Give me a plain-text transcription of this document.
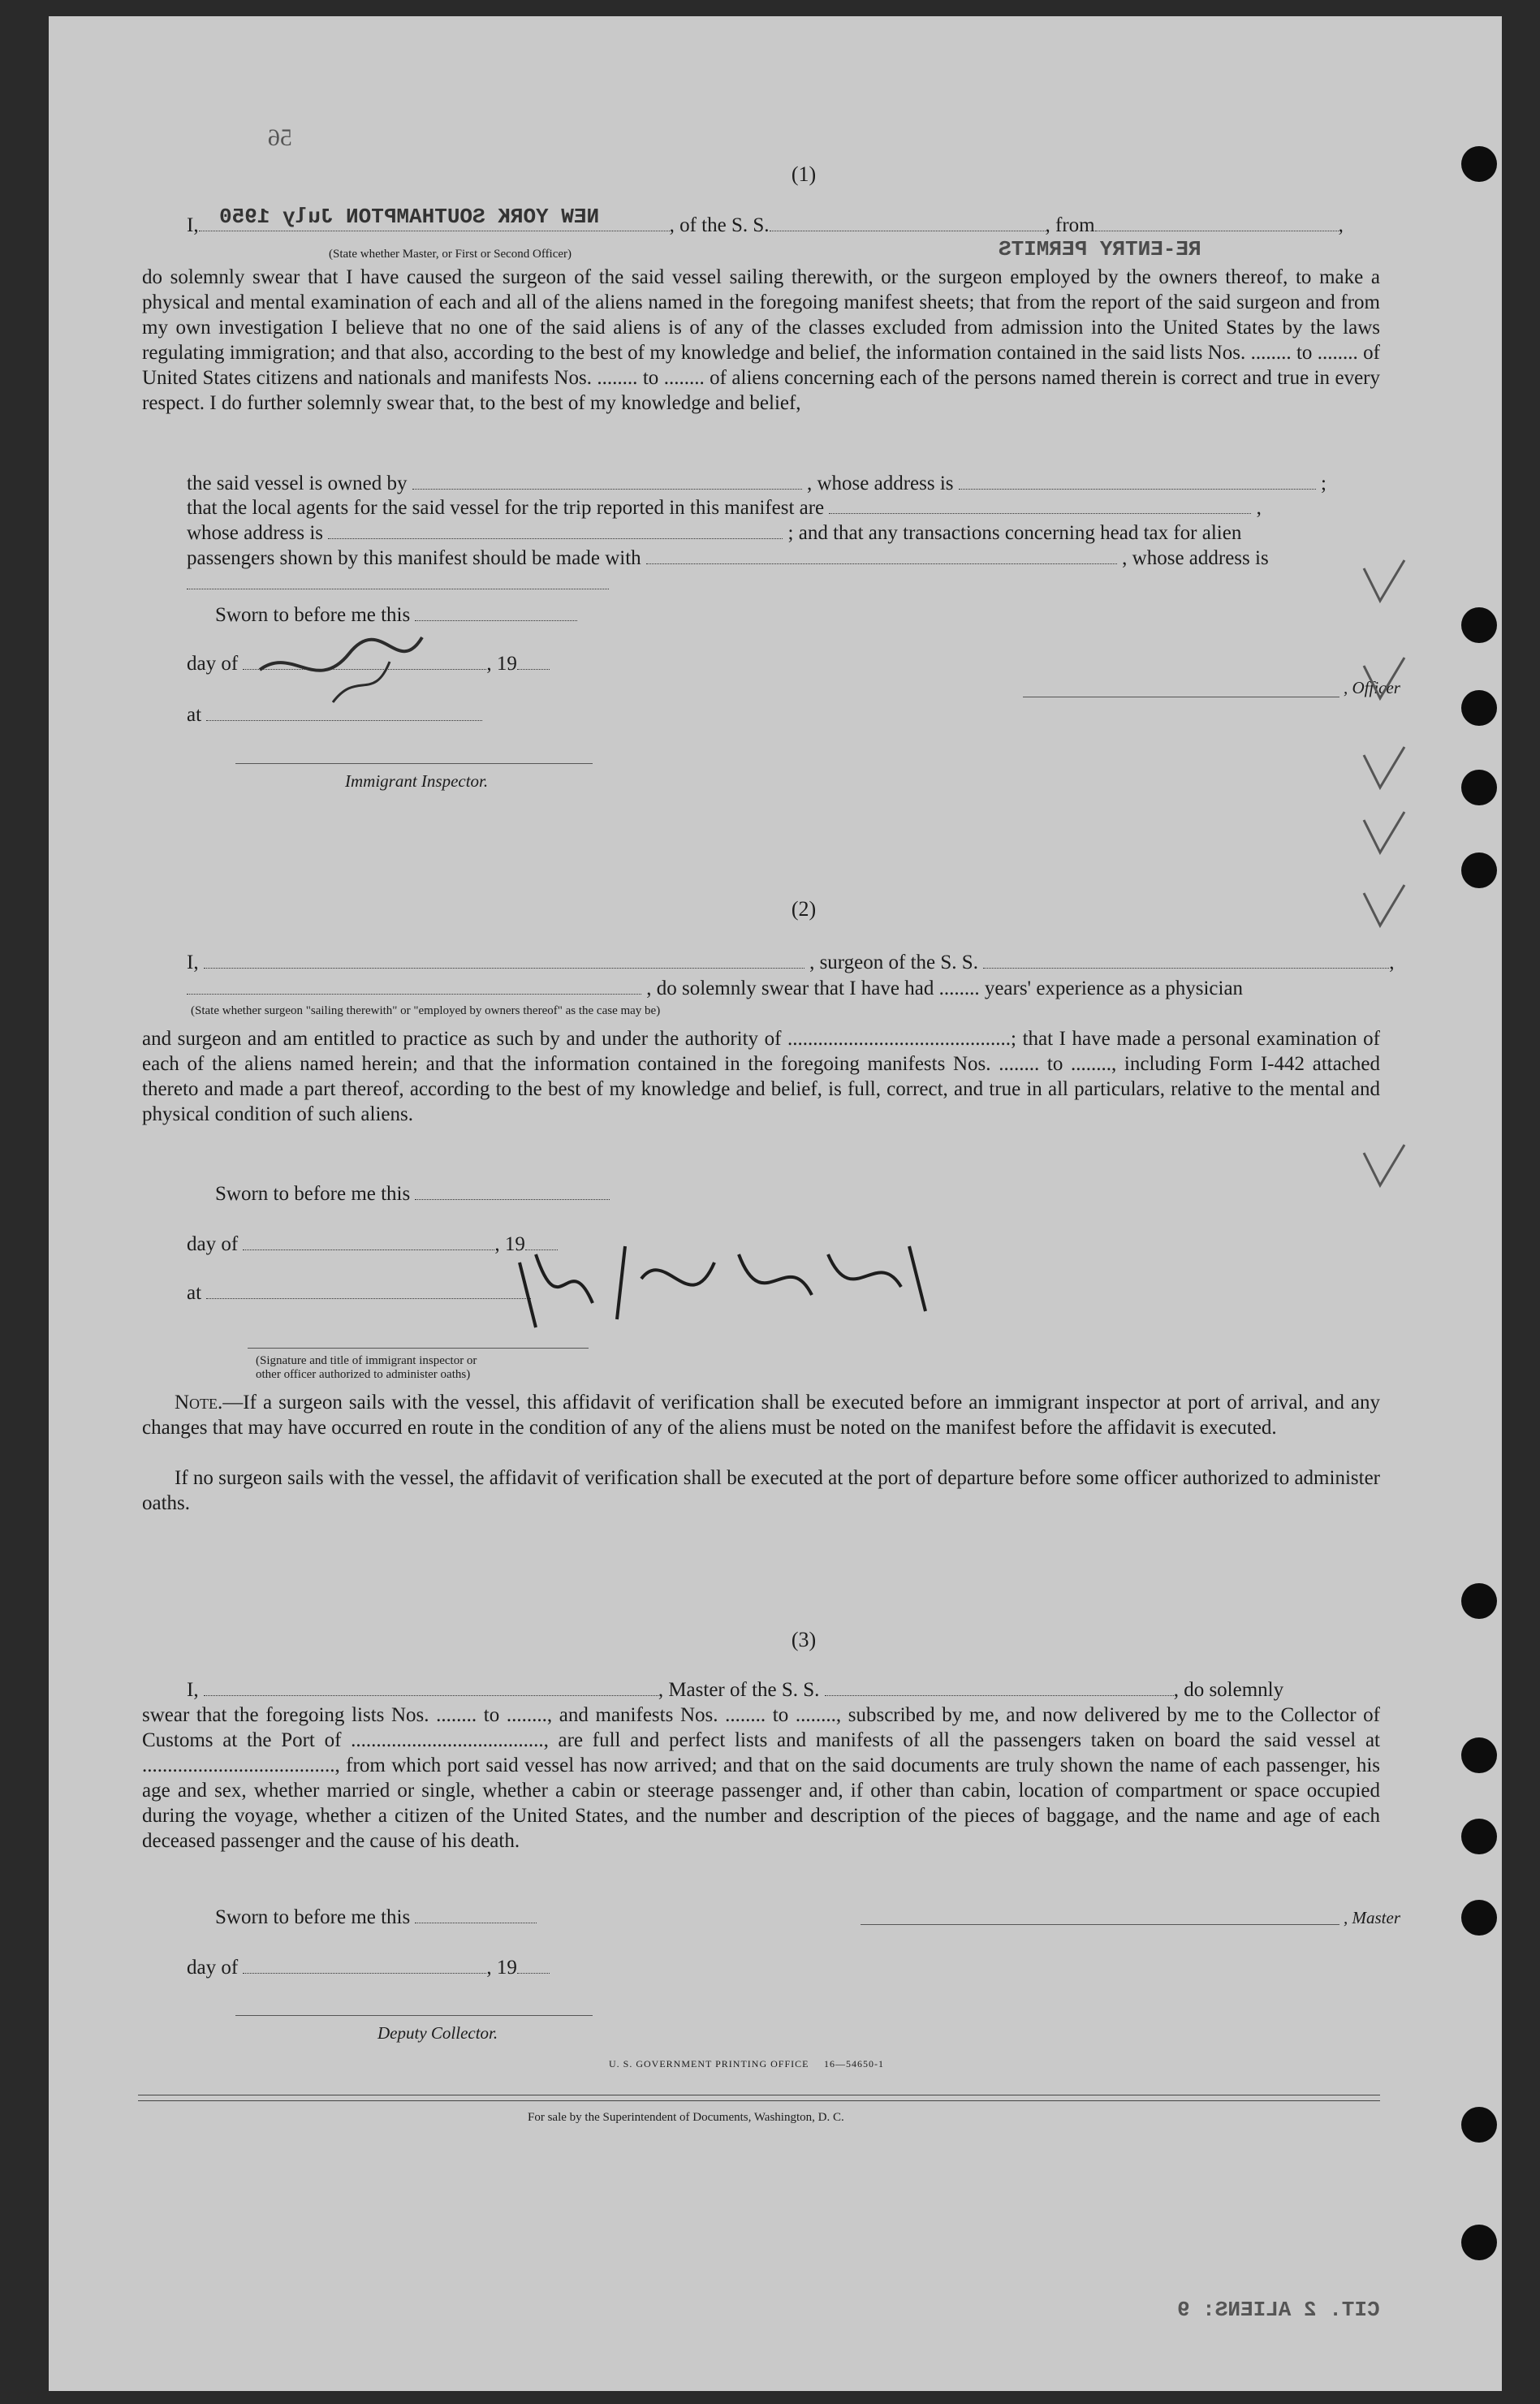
56
(1)
I,	, of the S. S.	, from	,
(State whether Master, or First or Second Officer)
do solemnly swear that I have caused the surgeon of the said vessel sailing therewith, or the surgeon employed by the owners thereof, to make a physical and mental examination of each and all of the aliens named in the foregoing manifest sheets; that from the report of the said surgeon and from my own investigation I believe that no one of the said aliens is of any of the classes excluded from admission into the United States by the laws regulating immigration; and that also, according to the best of my knowledge and belief, the information contained in the said lists Nos. ........ to ........ of United States citizens and nationals and manifests Nos. ........ to ........ of aliens concerning each of the persons named therein is correct and true in every respect. I do further solemnly swear that, to the best of my knowledge and belief,
the said vessel is owned by	, whose address is	;
that the local agents for the said vessel for the trip reported in this manifest are	,
whose address is	; and that any transactions concerning head tax for alien
passengers shown by this manifest should be made with	, whose address is
Sworn to before me this
day of	, 19
at
, Officer
Immigrant Inspector.
(2)
I,	, surgeon of the S. S.	,
, do solemnly swear that I have had ........ years' experience as a physician
(State whether surgeon "sailing therewith" or "employed by owners thereof" as the case may be)
and surgeon and am entitled to practice as such by and under the authority of ............................................; that I have made a personal examination of each of the aliens named herein; and that the information contained in the foregoing manifests Nos. ........ to ........, including Form I-442 attached thereto and made a part thereof, according to the best of my knowledge and belief, is full, correct, and true in all particulars, relative to the mental and physical condition of such aliens.
Sworn to before me this
day of	, 19
at
(Signature and title of immigrant inspector or
other officer authorized to administer oaths)
Note.—If a surgeon sails with the vessel, this affidavit of verification shall be executed before an immigrant inspector at port of arrival, and any changes that may have occurred en route in the condition of any of the aliens must be noted on the manifest before the affidavit is executed.
If no surgeon sails with the vessel, the affidavit of verification shall be executed at the port of departure before some officer authorized to administer oaths.
(3)
I,	, Master of the S. S.	, do solemnly
swear that the foregoing lists Nos. ........ to ........, and manifests Nos. ........ to ........, subscribed by me, and now delivered by me to the Collector of Customs at the Port of ......................................, are full and perfect lists and manifests of all the passengers taken on board the said vessel at ......................................, from which port said vessel has now arrived; and that on the said documents are truly shown the name of each passenger, his age and sex, whether married or single, whether a cabin or steerage passenger and, if other than cabin, location of compartment or space occupied during the voyage, whether a citizen of the United States, and the number and description of the pieces of baggage, and the name and age of each deceased passenger and the cause of his death.
Sworn to before me this	, Master
day of	, 19
Deputy Collector.
U. S. GOVERNMENT PRINTING OFFICE 16—54650-1
For sale by the Superintendent of Documents, Washington, D. C.
NEW YORK SOUTHAMPTON July 1950
RE-ENTRY PERMITS
CIT. 2 ALIENS: 9
